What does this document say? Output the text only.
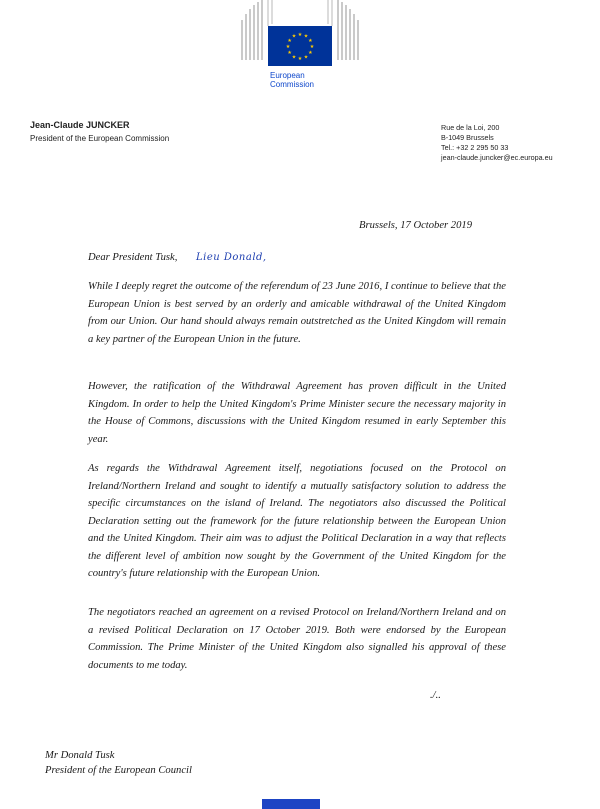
★ ★
★
★
★
★
★
★
★
★
★
★
European
Commission
Jean-Claude JUNCKER
President of the European Commission
Rue de la Loi, 200
B-1049 Brussels
Tel.: +32 2 295 50 33
jean-claude.juncker@ec.europa.eu
Brussels, 17 October 2019
Dear President Tusk, Lieu Donald,

While I deeply regret the outcome of the referendum of 23 June 2016, I continue to believe that the European Union is best served by an orderly and amicable withdrawal of the United Kingdom from our Union. Our hand should always remain outstretched as the United Kingdom will remain a key partner of the European Union in the future.

However, the ratification of the Withdrawal Agreement has proven difficult in the United Kingdom. In order to help the United Kingdom's Prime Minister secure the necessary majority in the House of Commons, discussions with the United Kingdom resumed in early September this year.

As regards the Withdrawal Agreement itself, negotiations focused on the Protocol on Ireland/Northern Ireland and sought to identify a mutually satisfactory solution to address the specific circumstances on the island of Ireland. The negotiators also discussed the Political Declaration setting out the framework for the future relationship between the European Union and the United Kingdom. Their aim was to adjust the Political Declaration in a way that reflects the different level of ambition now sought by the Government of the United Kingdom for the country's future relationship with the European Union.

The negotiators reached an agreement on a revised Protocol on Ireland/Northern Ireland and on a revised Political Declaration on 17 October 2019. Both were endorsed by the European Commission. The Prime Minister of the United Kingdom also signalled his approval of these documents to me today.

./..
Mr Donald Tusk
President of the European Council
